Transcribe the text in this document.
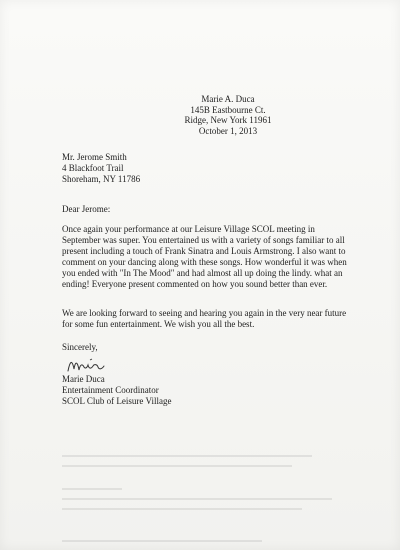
Marie A. Duca
145B Eastbourne Ct.
Ridge, New York 11961
October 1, 2013
Mr. Jerome Smith
4 Blackfoot Trail
Shoreham, NY 11786
Dear Jerome:
Once again your performance at our Leisure Village SCOL meeting in September was super. You entertained us with a variety of songs familiar to all present including a touch of Frank Sinatra and Louis Armstrong. I also want to comment on your dancing along with these songs. How wonderful it was when you ended with "In The Mood" and had almost all up doing the lindy. what an ending! Everyone present commented on how you sound better than ever.
We are looking forward to seeing and hearing you again in the very near future for some fun entertainment. We wish you all the best.
Sincerely,
Marie Duca
Entertainment Coordinator
SCOL Club of Leisure Village
